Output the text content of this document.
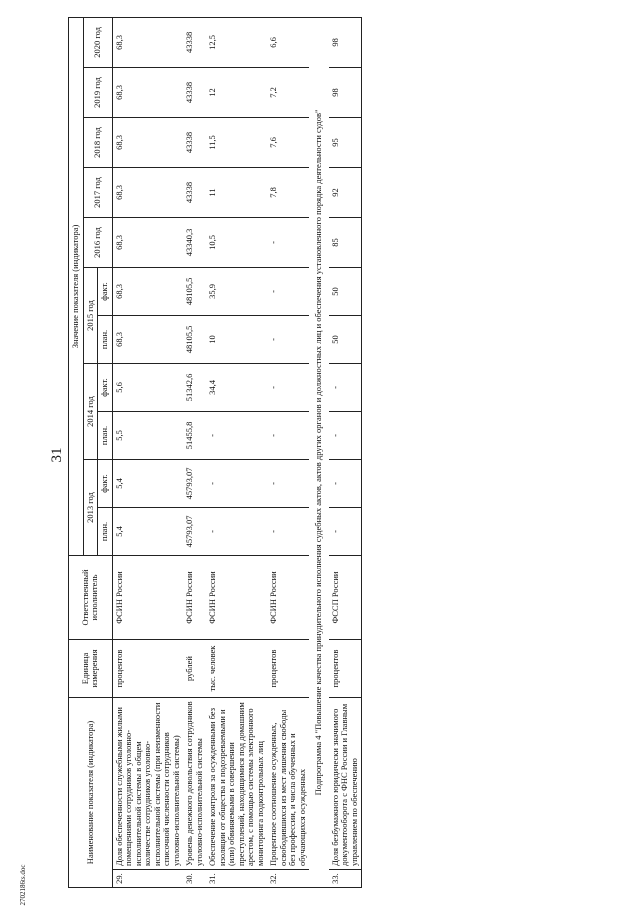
31
Наименование показателя (индикатора)		Единица измерения	Ответственный исполнитель	Значение показателя (индикатора)										
				2013 год		2014 год		2015 год		2016 год	2017 год	2018 год	2019 год	2020 год
				план.	факт.	план.	факт.	план.	факт.					
29.	Доля обеспеченности служебными жилыми помещениями сотрудников уголовно-исполнительной системы в общем количестве сотрудников уголовно-исполнительной системы (при неизменности списочной численности сотрудников уголовно-исполнительной системы)	процентов	ФСИН России	5,4	5,4	5,5	5,6	68,3	68,3	68,3	68,3	68,3	68,3	68,3
30.	Уровень денежного довольствия сотрудников уголовно-исполнительной системы	рублей	ФСИН России	45793,07	45793,07	51455,8	51342,6	48105,5	48105,5	43340,3	43338	43338	43338	43338
31.	Обеспечение контроля за осужденными без изоляции от общества и подозреваемыми и (или) обвиняемыми в совершении преступлений, находящимися под домашним арестом, с помощью системы электронного мониторинга подконтрольных лиц	тыс. человек	ФСИН России	-	-	-	34,4	10	35,9	10,5	11	11,5	12	12,5
32.	Процентное соотношение осужденных, освободившихся из мест лишения свободы без профессии, и числа обученных и обучающихся осужденных	процентов	ФСИН России	-	-	-	-	-	-	-	7,8	7,6	7,2	6,6
Подпрограмма 4 "Повышение качества принудительного исполнения судебных актов, актов других органов и должностных лиц и обеспечения установленного порядка деятельности судов"														
33.	Доля безбумажного юридически значимого документооборота с ФНС России и Главным управлением по обеспечению	процентов	ФССП России	-	-	-	-	50	50	85	92	95	98	98
2702186ts.doc
